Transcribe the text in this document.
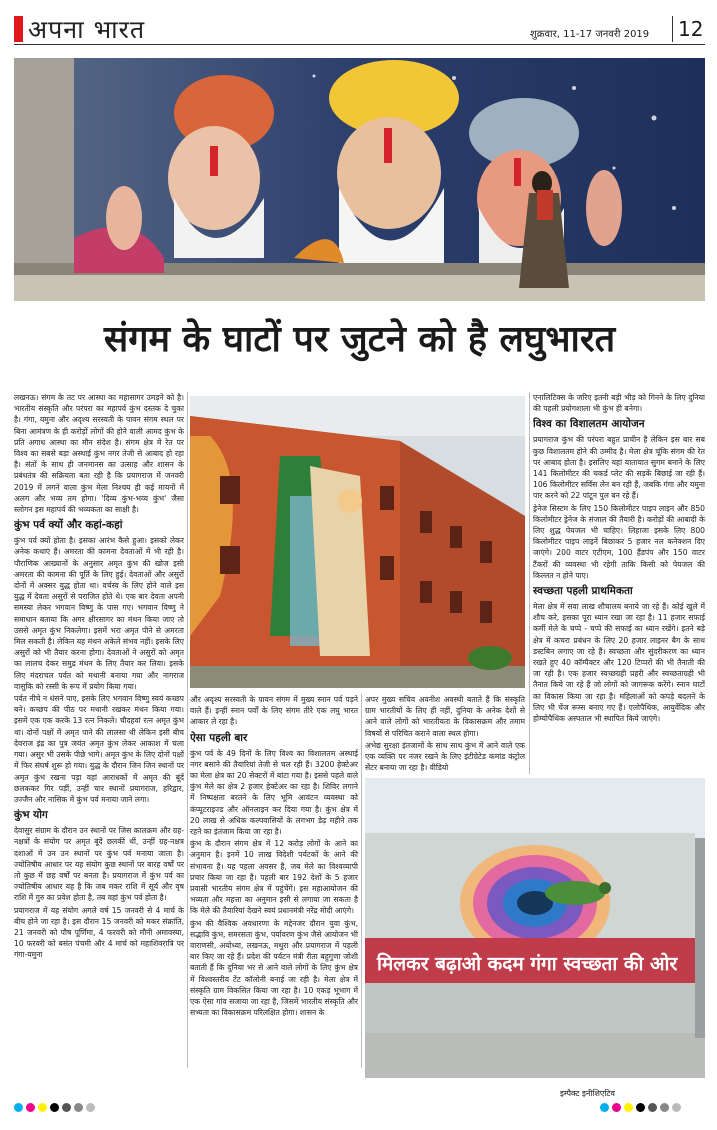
अपना भारत	शुक्रवार, 11-17 जनवरी 2019	12
संगम के घाटों पर जुटने को है लघुभारत

लखनऊ। संगम के तट पर आस्था का महासागर उमड़ने को है। भारतीय संस्कृति और परंपरा का महापर्व कुंभ दस्तक दे चुका है। गंगा, यमुना और अदृश्य सरस्वती के पावन संगम स्थल पर बिना आमंत्रण के ही करोड़ों लोगों की होने वाली आमद कुंभ के प्रति अगाध आस्था का मौन संदेश है। संगम क्षेत्र में रेत पर विश्व का सबसे बड़ा अस्थाई कुंभ नगर तेजी से आबाद हो रहा है। संतों के साथ ही जनमानस का उत्साह और शासन के प्रबंधतंत्र की सक्रियता बता रही है कि प्रयागराज में जनवरी 2019 में लगने वाला कुंभ मेला निश्चय ही कई मायनों में अलग और भव्य तम होगा। 'दिव्य कुंभ-भव्य कुंभ' जैसा स्लोगन इस महापर्व की भव्यकता का साक्षी है।

कुंभ पर्व क्यों और कहां-कहां

कुंभ पर्व क्यों होता है। इसका आरंभ कैसे हुआ। इसको लेकर अनेक कथाएं हैं। अमरता की कामना देवताओं में भी रही है। पौराणिक आख्यानों के अनुसार अमृत कुंभ की खोज इसी अमरता की कामना की पूर्ति के लिए हुई। देवताओं और असुरों दोनों में अक्सर युद्ध होता था। वर्चस्व के लिए होने वाले इस युद्ध में देवता असुरों से पराजित होते थे। एक बार देवता अपनी समस्या लेकर भगवान विष्णु के पास गए। भगवान विष्णु ने समाधान बताया कि अगर क्षीरसागर का मंथन किया जाए तो उससे अमृत कुंभ निकलेगा। इसमें भरा अमृत पीने से अमरता मिल सकती है। लेकिन यह मंथन अकेले संभव नहीं। इसके लिए असुरों को भी तैयार करना होगा। देवताओं ने असुरों को अमृत का लालच देकर समुद्र मंथन के लिए तैयार कर लिया। इसके लिए मंदराचल पर्वत को मथानी बनाया गया और नागराज वासुकि को रस्सी के रूप में प्रयोग किया गया।

पर्वत नीचे न धंसने पाए, इसके लिए भगवान विष्णु स्वयं कच्छप बने। कच्छप की पीठ पर मथानी रखकर मंथन किया गया। इसमें एक एक करके 13 रत्न निकले। चौदहवां रत्न अमृत कुंभ था। दोनों पक्षों में अमृत पाने की लालसा थी लेकिन इसी बीच देवराज इंद्र का पुत्र जयंत अमृत कुंभ लेकर आकाश में चला गया। असुर भी उसके पीछे भागे। अमृत कुंभ के लिए दोनों पक्षों में फिर संघर्ष शुरू हो गया। युद्ध के दौरान जिन जिन स्थानों पर अमृत कुंभ रखना पड़ा वहां आराधकों में अमृत की बूंदें छलककर गिर पड़ीं, उन्हीं चार स्थानों प्रयागराज, हरिद्वार, उज्जैन और नासिक में कुंभ पर्व मनाया जाने लगा।

कुंभ योग

देवासुर संग्राम के दौरान उन स्थानों पर जिस कालक्रम और ग्रह-नक्षत्रों के संयोग पर अमृत बूंदें छलकीं थीं, उन्हीं ग्रह-नक्षत्र दशाओं में उन उन स्थानों पर कुंभ पर्व मनाया जाता है। ज्योतिषीय आधार पर यह संयोग कुछ स्थानों पर बारह वर्षों पर तो कुछ में छह वर्षों पर बनता है। प्रयागराज में कुंभ पर्व का ज्योतिषीय आधार यह है कि जब मकर राशि में सूर्य और वृष राशि में गुरु का प्रवेश होता है, तब वहां कुंभ पर्व होता है।

प्रयागराज में यह संयोग अगले वर्ष 15 जनवरी से 4 मार्च के बीच होने जा रहा है। इस दौरान 15 जनवरी को मकर संक्रांति, 21 जनवरी को पौष पूर्णिमा, 4 फरवरी को मौनी अमावस्या, 10 फरवरी को बसंत पंचमी और 4 मार्च को महाशिवरात्रि पर गंगा-यमुना

और अदृश्य सरस्वती के पावन संगम में मुख्य स्नान पर्व पड़ने वाले हैं। इन्हीं स्नान पर्वों के लिए संगम तीरे एक लघु भारत आकार ले रहा है।

ऐसा पहली बार

कुंभ पर्व के 49 दिनों के लिए विश्व का विशालतम अस्थाई नगर बसाने की तैयारियां तेजी से चल रही हैं। 3200 हेक्टेअर का मेला क्षेत्र का 20 सेक्टरों में बांटा गया है। इससे पहले वाले कुंभ मेले का क्षेत्र 2 हजार हेक्टेअर का रहा है। शिविर लगाने में निष्पक्षता बरतने के लिए भूमि आवंटन व्यवस्था को कंप्यूटराइज्ड और ऑनलाइन कर दिया गया है। कुंभ क्षेत्र में 20 लाख से अधिक कल्पवासियों के लगभग डेढ़ महीने तक रहने का इंतजाम किया जा रहा है।

कुंभ के दौरान संगम क्षेत्र में 12 करोड़ लोगों के आने का अनुमान है। इनमें 10 लाख विदेशी पर्यटकों के आने की संभावना है। यह पहला अवसर है, जब मेले का विश्वव्यापी प्रचार किया जा रहा है। पहली बार 192 देशों के 5 हजार प्रवासी भारतीय संगम क्षेत्र में पहुंचेंगे। इस महाआयोजन की भव्यता और महत्ता का अनुमान इसी से लगाया जा सकता है कि मेले की तैयारियां देखने स्वयं प्रधानमंत्री नरेंद्र मोदी आएंगे।

कुंभ की वैश्विक अवधारणा के मद्देनजर दौरान युवा कुंभ, सद्भावि कुंभ, समरसता कुंभ, पर्यावरण कुंभ जैसे आयोजन भी वाराणसी, अयोध्या, लखनऊ, मथुरा और प्रयागराज में पहली बार किए जा रहे हैं। प्रदेश की पर्यटन मंत्री रीता बहुगुणा जोशी बताती हैं कि दुनिया भर से आने वाले लोगों के लिए कुंभ क्षेत्र में विश्वस्तरीय टेंट कॉलोनी बनाई जा रही है। मेला क्षेत्र में संस्कृति ग्राम विकसित किया जा रहा है। 10 एकड़ भूभाग में एक ऐसा गांव सजाया जा रहा है, जिसमें भारतीय संस्कृति और सभ्यता का विकासक्रम परिलक्षित होगा। शासन के

अपर मुख्य सचिव अवनीश अवस्थी बताते हैं कि संस्कृति ग्राम भारतीयों के लिए ही नहीं, दुनिया के अनेक देशों से आने वाले लोगों को भारतीयता के विकासक्रम और तमाम विषयों से परिचित कराने वाला स्थल होगा।

अभेद्य सुरक्षा इंतजामों के साथ साथ कुंभ में आने वाले एक एक व्यक्ति पर नजर रखने के लिए इंटीग्रेटेड कमांड कंट्रोल सेंटर बनाया जा रहा है। वीडियो

एनालिटिक्स के जरिए इतनी बड़ी भीड़ को गिनने के लिए दुनिया की पहली प्रयोगशाला भी कुंभ ही बनेगा।

विश्व का विशालतम आयोजन

प्रयागराज कुंभ की परंपरा बहुत प्राचीन है लेकिन इस बार सब कुछ विशालतम होने की उम्मीद है। मेला क्षेत्र चूंकि संगम की रेत पर आबाद होता है। इसलिए यहां यातायात सुगम बनाने के लिए 141 किलोमीटर की चकर्ड प्लेट की सड़कें बिछाई जा रही हैं। 106 किलोमीटर सर्विस लेन बन रही हैं, जबकि गंगा और यमुना पार करने को 22 पांटून पुल बन रहे हैं।

ड्रेनेज सिस्टम के लिए 150 किलोमीटर पाइप लाइन और 850 किलोमीटर ड्रेनेज के संजाल की तैयारी है। करोड़ों की आबादी के लिए शुद्ध पेयजल भी चाहिए। लिहाजा इसके लिए 800 किलोमीटर पाइप लाइनें बिछाकर 5 हजार नल कनेक्शन दिए जाएंगे। 200 वाटर एटीएम, 100 हैंडपंप और 150 वाटर टैंकरों की व्यवस्था भी रहेगी ताकि किसी को पेयजल की किल्लत न होने पाए।

स्वच्छता पहली प्राथमिकता

मेला क्षेत्र में सवा लाख शौचालय बनाये जा रहे हैं। कोई खुले में शौच करे, इसका पूरा ध्यान रखा जा रहा है। 11 हजार सफाई कर्मी मेले के चप्पे - चप्पे की सफाई का ध्यान रखेंगे। इतने बड़े क्षेत्र में कचरा प्रबंधन के लिए 20 हजार लाइनर बैग के साथ डस्टबिन लगाए जा रहे हैं। स्वच्छता और सुंदरीकरण का ध्यान रखते हुए 40 कॉम्पैक्टर और 120 टिप्परों की भी तैनाती की जा रही है। एक हजार स्वच्छग्रही प्रहरी और स्वच्छताग्रही भी तैनात किये जा रहे हैं जो लोगों को जागरूक करेंगे। स्नान घाटों का विकास किया जा रहा है। महिलाओं को कपड़े बदलने के लिए भी चेंज रूम्स बनाए गए हैं। एलोपैथिक, आयुर्वेदिक और होम्योपैथिक अस्पताल भी स्थापित किये जाएंगे।

मिलकर बढ़ाओ कदम गंगा स्वच्छता की ओर
इम्पैक्ट इनीशिएटिव
